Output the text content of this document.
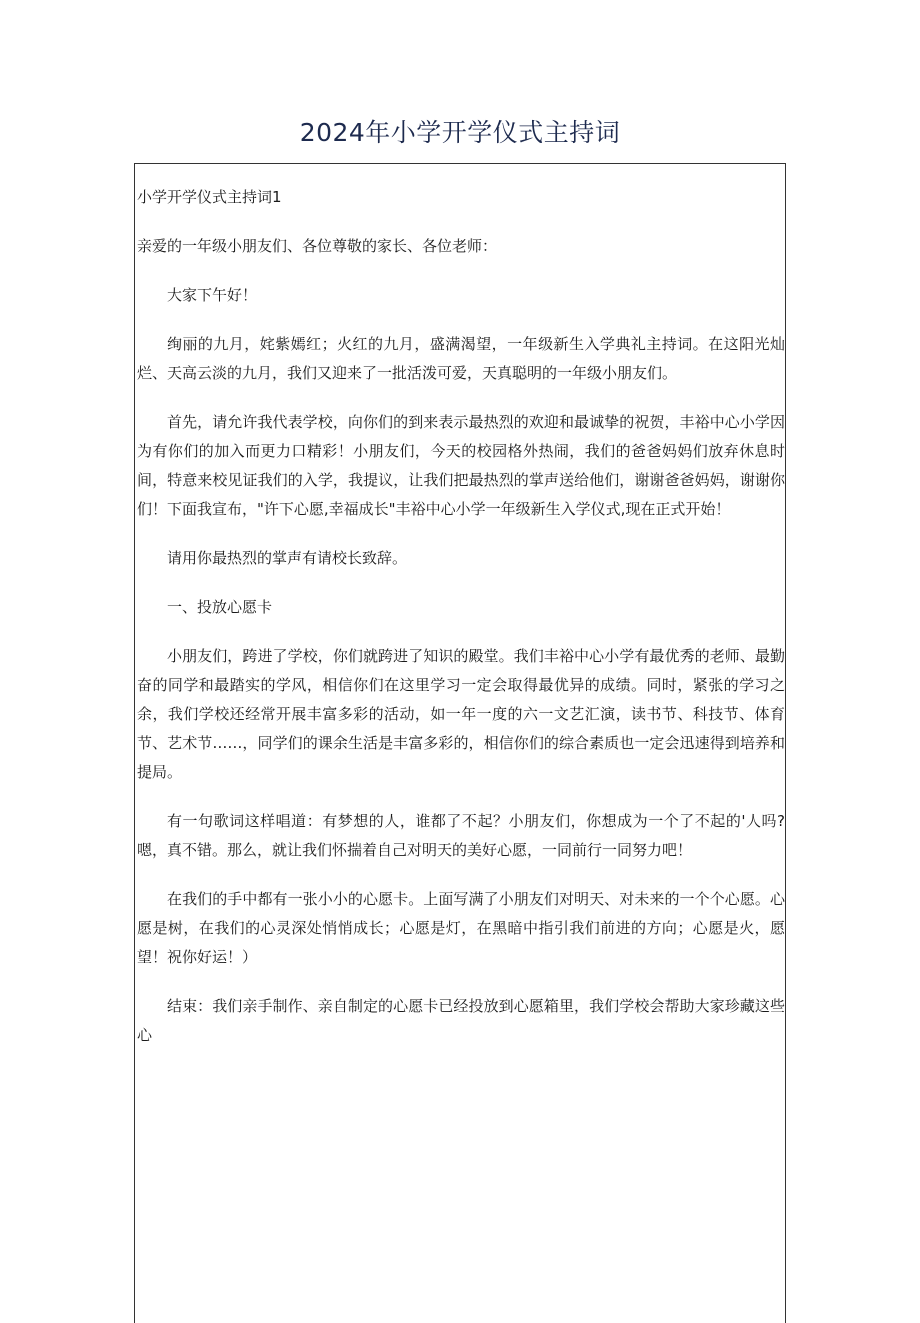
2024年小学开学仪式主持词

小学开学仪式主持词1

亲爱的一年级小朋友们、各位尊敬的家长、各位老师：

大家下午好！

绚丽的九月，姹紫嫣红；火红的九月，盛满渴望，一年级新生入学典礼主持词。在这阳光灿烂、天高云淡的九月，我们又迎来了一批活泼可爱，天真聪明的一年级小朋友们。

首先，请允许我代表学校，向你们的到来表示最热烈的欢迎和最诚挚的祝贺，丰裕中心小学因为有你们的加入而更力口精彩！小朋友们，今天的校园格外热闹，我们的爸爸妈妈们放弃休息时间，特意来校见证我们的入学，我提议，让我们把最热烈的掌声送给他们，谢谢爸爸妈妈，谢谢你们！下面我宣布，"许下心愿,幸福成长"丰裕中心小学一年级新生入学仪式,现在正式开始！

请用你最热烈的掌声有请校长致辞。

一、投放心愿卡

小朋友们，跨进了学校，你们就跨进了知识的殿堂。我们丰裕中心小学有最优秀的老师、最勤奋的同学和最踏实的学风，相信你们在这里学习一定会取得最优异的成绩。同时，紧张的学习之余，我们学校还经常开展丰富多彩的活动，如一年一度的六一文艺汇演，读书节、科技节、体育节、艺术节……，同学们的课余生活是丰富多彩的，相信你们的综合素质也一定会迅速得到培养和提局。

有一句歌词这样唱道：有梦想的人，谁都了不起？小朋友们，你想成为一个了不起的'人吗?嗯，真不错。那么，就让我们怀揣着自己对明天的美好心愿，一同前行一同努力吧！

在我们的手中都有一张小小的心愿卡。上面写满了小朋友们对明天、对未来的一个个心愿。心愿是树，在我们的心灵深处悄悄成长；心愿是灯，在黑暗中指引我们前进的方向；心愿是火，愿望！祝你好运！）

结束：我们亲手制作、亲自制定的心愿卡已经投放到心愿箱里，我们学校会帮助大家珍藏这些心
